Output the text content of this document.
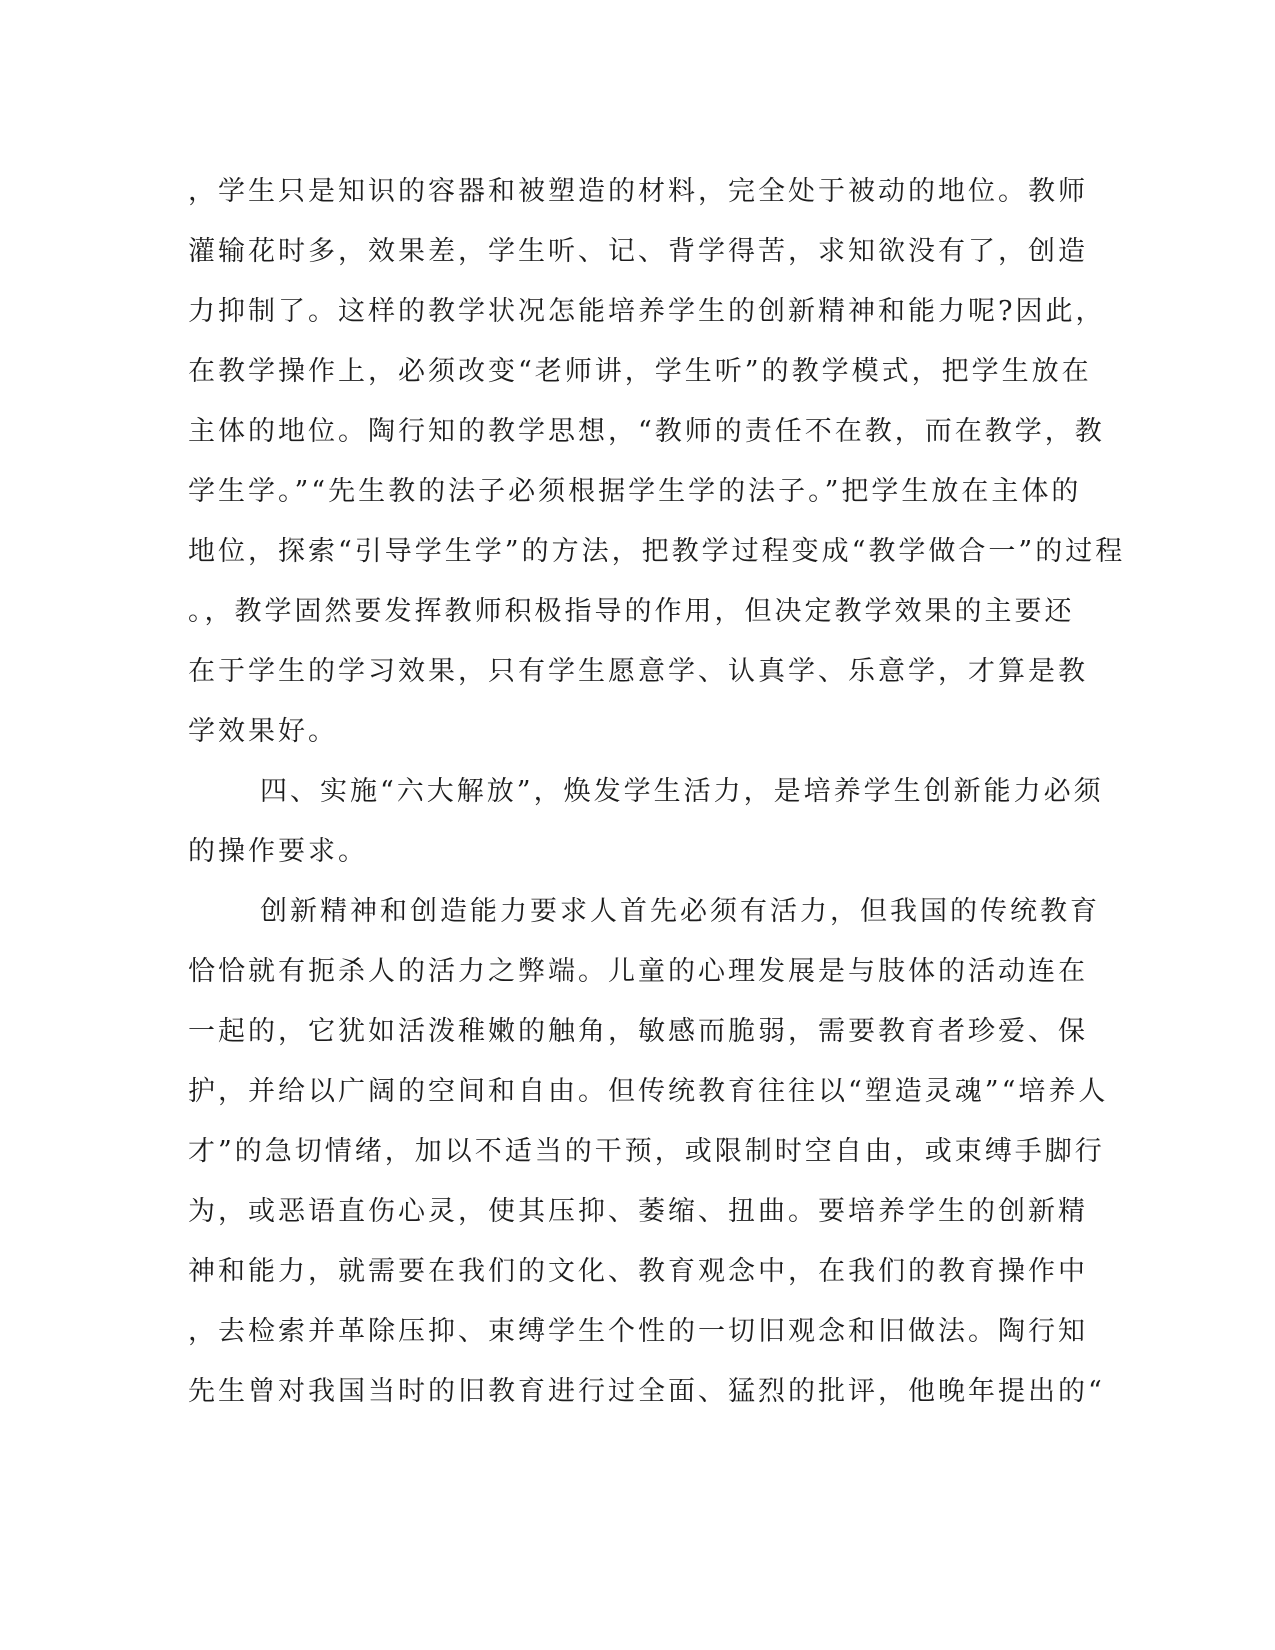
，学生只是知识的容器和被塑造的材料，完全处于被动的地位。教师
灌输花时多，效果差，学生听、记、背学得苦，求知欲没有了，创造
力抑制了。这样的教学状况怎能培养学生的创新精神和能力呢?因此，
在教学操作上，必须改变“老师讲，学生听”的教学模式，把学生放在
主体的地位。陶行知的教学思想，“教师的责任不在教，而在教学，教
学生学。”“先生教的法子必须根据学生学的法子。”把学生放在主体的
地位，探索“引导学生学”的方法，把教学过程变成“教学做合一”的过程
。，教学固然要发挥教师积极指导的作用，但决定教学效果的主要还
在于学生的学习效果，只有学生愿意学、认真学、乐意学，才算是教
学效果好。
四、实施“六大解放”，焕发学生活力，是培养学生创新能力必须
的操作要求。
创新精神和创造能力要求人首先必须有活力，但我国的传统教育
恰恰就有扼杀人的活力之弊端。儿童的心理发展是与肢体的活动连在
一起的，它犹如活泼稚嫩的触角，敏感而脆弱，需要教育者珍爱、保
护，并给以广阔的空间和自由。但传统教育往往以“塑造灵魂”“培养人
才”的急切情绪，加以不适当的干预，或限制时空自由，或束缚手脚行
为，或恶语直伤心灵，使其压抑、萎缩、扭曲。要培养学生的创新精
神和能力，就需要在我们的文化、教育观念中，在我们的教育操作中
，去检索并革除压抑、束缚学生个性的一切旧观念和旧做法。陶行知
先生曾对我国当时的旧教育进行过全面、猛烈的批评，他晚年提出的“
